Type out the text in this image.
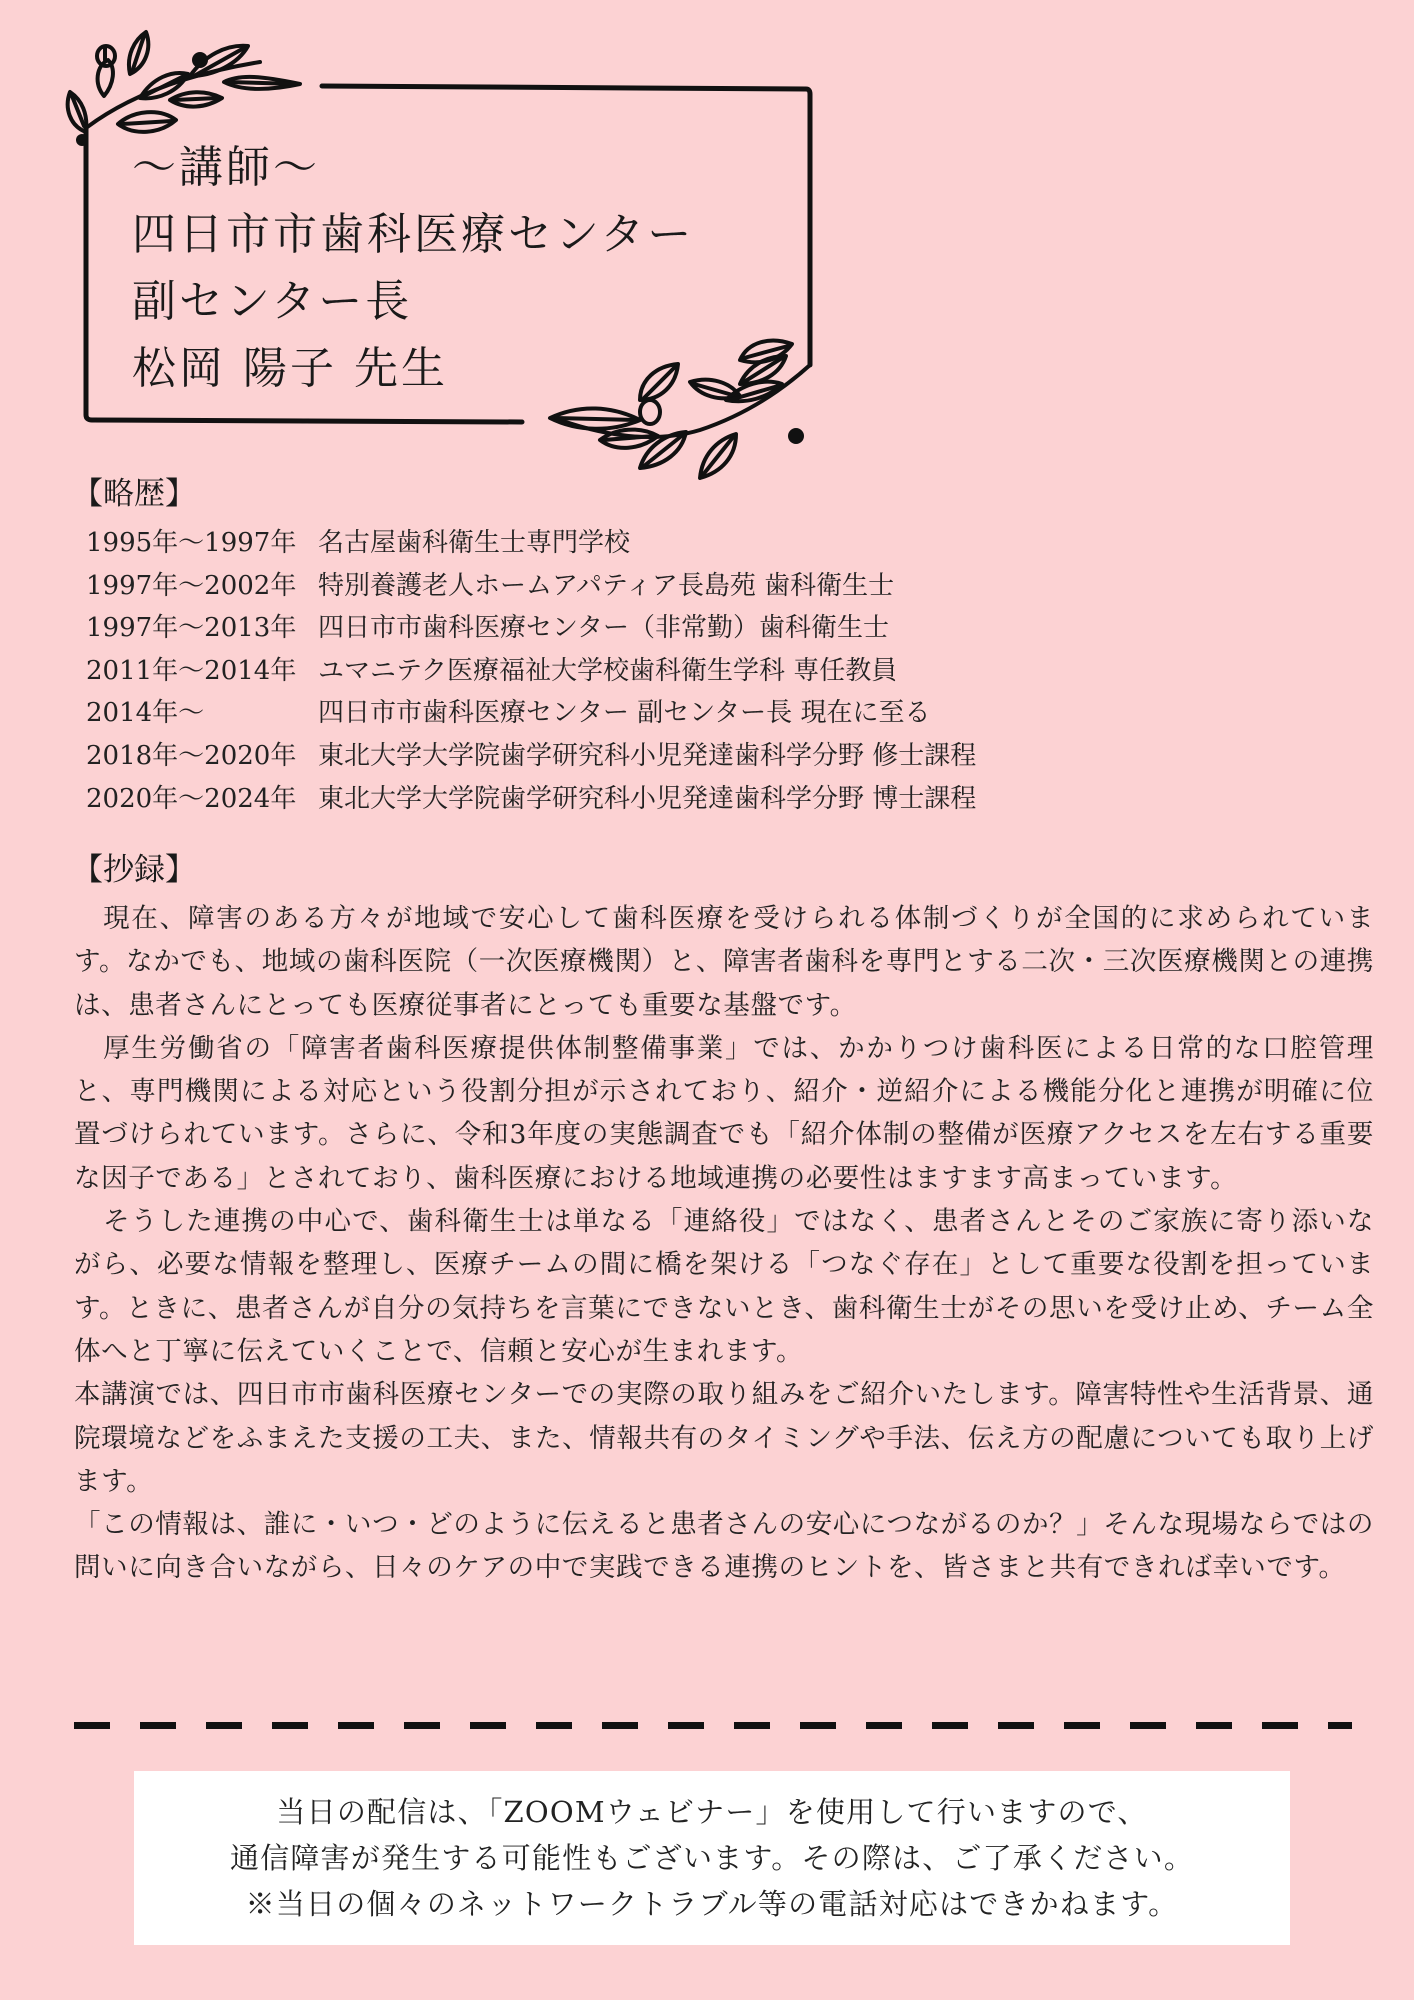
〜講師〜
四日市市歯科医療センター
副センター長
松岡 陽子 先生
【略歴】
1995年〜1997年 名古屋歯科衛生士専門学校
1997年〜2002年 特別養護老人ホームアパティア長島苑 歯科衛生士
1997年〜2013年 四日市市歯科医療センター（非常勤）歯科衛生士
2011年〜2014年 ユマニテク医療福祉大学校歯科衛生学科 専任教員
2014年〜	四日市市歯科医療センター 副センター長 現在に至る
2018年〜2020年 東北大学大学院歯学研究科小児発達歯科学分野 修士課程
2020年〜2024年 東北大学大学院歯学研究科小児発達歯科学分野 博士課程
【抄録】

現在、障害のある方々が地域で安心して歯科医療を受けられる体制づくりが全国的に求められています。なかでも、地域の歯科医院（一次医療機関）と、障害者歯科を専門とする二次・三次医療機関との連携は、患者さんにとっても医療従事者にとっても重要な基盤です。

厚生労働省の「障害者歯科医療提供体制整備事業」では、かかりつけ歯科医による日常的な口腔管理と、専門機関による対応という役割分担が示されており、紹介・逆紹介による機能分化と連携が明確に位置づけられています。さらに、令和3年度の実態調査でも「紹介体制の整備が医療アクセスを左右する重要な因子である」とされており、歯科医療における地域連携の必要性はますます高まっています。

そうした連携の中心で、歯科衛生士は単なる「連絡役」ではなく、患者さんとそのご家族に寄り添いながら、必要な情報を整理し、医療チームの間に橋を架ける「つなぐ存在」として重要な役割を担っています。ときに、患者さんが自分の気持ちを言葉にできないとき、歯科衛生士がその思いを受け止め、チーム全体へと丁寧に伝えていくことで、信頼と安心が生まれます。

本講演では、四日市市歯科医療センターでの実際の取り組みをご紹介いたします。障害特性や生活背景、通院環境などをふまえた支援の工夫、また、情報共有のタイミングや手法、伝え方の配慮についても取り上げます。

「この情報は、誰に・いつ・どのように伝えると患者さんの安心につながるのか？」そんな現場ならではの問いに向き合いながら、日々のケアの中で実践できる連携のヒントを、皆さまと共有できれば幸いです。

当日の配信は、「ZOOMウェビナー」を使用して行いますので、
通信障害が発生する可能性もございます。その際は、ご了承ください。
※当日の個々のネットワークトラブル等の電話対応はできかねます。
